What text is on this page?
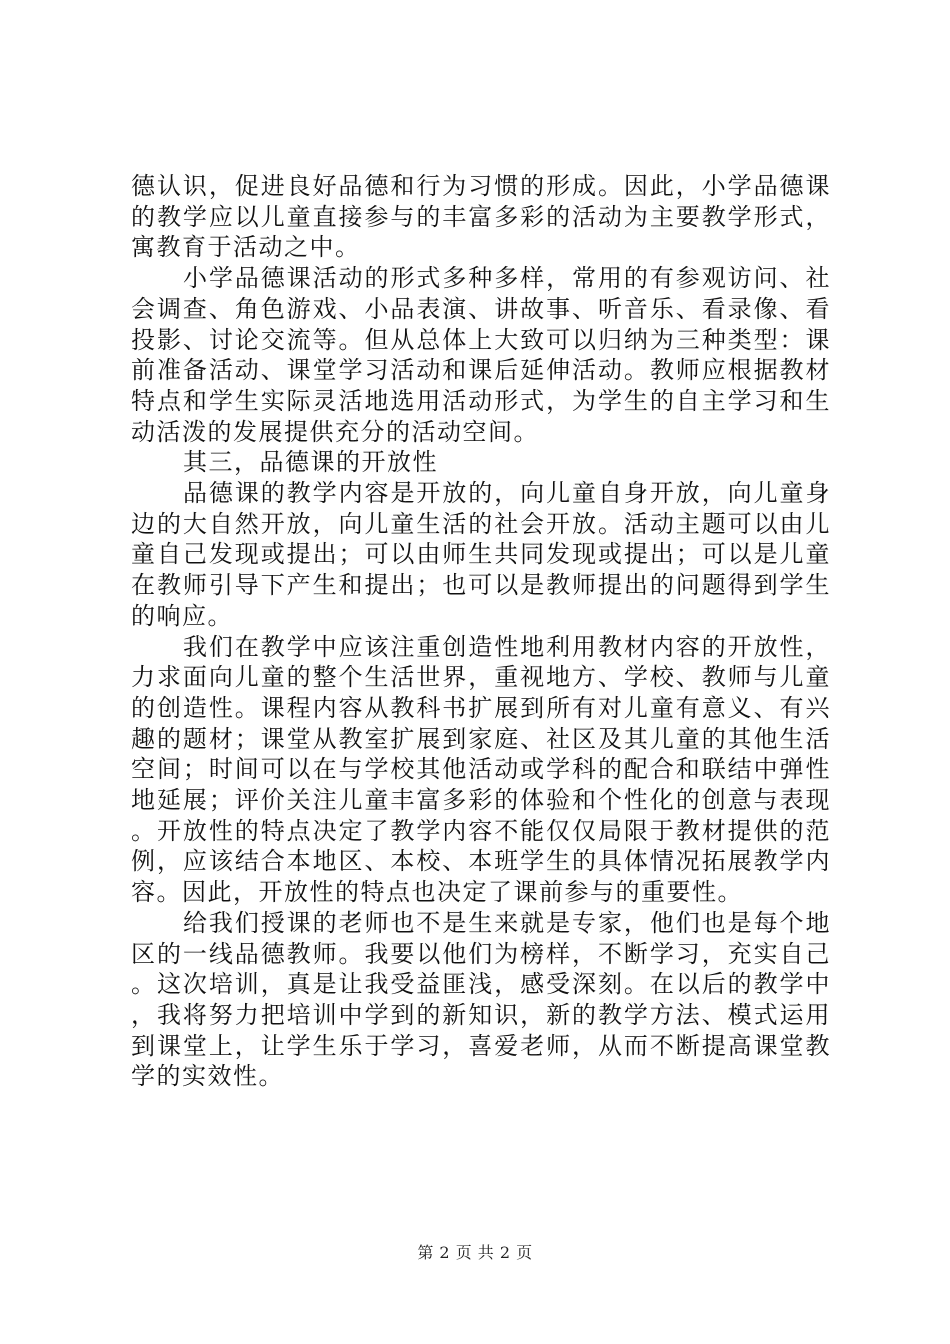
德认识，促进良好品德和行为习惯的形成。因此，小学品德课的教学应以儿童直接参与的丰富多彩的活动为主要教学形式，寓教育于活动之中。

小学品德课活动的形式多种多样，常用的有参观访问、社会调查、角色游戏、小品表演、讲故事、听音乐、看录像、看投影、讨论交流等。但从总体上大致可以归纳为三种类型：课前准备活动、课堂学习活动和课后延伸活动。教师应根据教材特点和学生实际灵活地选用活动形式，为学生的自主学习和生动活泼的发展提供充分的活动空间。

其三，品德课的开放性

品德课的教学内容是开放的，向儿童自身开放，向儿童身边的大自然开放，向儿童生活的社会开放。活动主题可以由儿童自己发现或提出；可以由师生共同发现或提出；可以是儿童在教师引导下产生和提出；也可以是教师提出的问题得到学生的响应。

我们在教学中应该注重创造性地利用教材内容的开放性，力求面向儿童的整个生活世界，重视地方、学校、教师与儿童的创造性。课程内容从教科书扩展到所有对儿童有意义、有兴趣的题材；课堂从教室扩展到家庭、社区及其儿童的其他生活空间；时间可以在与学校其他活动或学科的配合和联结中弹性地延展；评价关注儿童丰富多彩的体验和个性化的创意与表现。开放性的特点决定了教学内容不能仅仅局限于教材提供的范例，应该结合本地区、本校、本班学生的具体情况拓展教学内容。因此，开放性的特点也决定了课前参与的重要性。

给我们授课的老师也不是生来就是专家，他们也是每个地区的一线品德教师。我要以他们为榜样，不断学习，充实自己。这次培训，真是让我受益匪浅，感受深刻。在以后的教学中，我将努力把培训中学到的新知识，新的教学方法、模式运用到课堂上，让学生乐于学习，喜爱老师，从而不断提高课堂教学的实效性。

第 2 页 共 2 页
